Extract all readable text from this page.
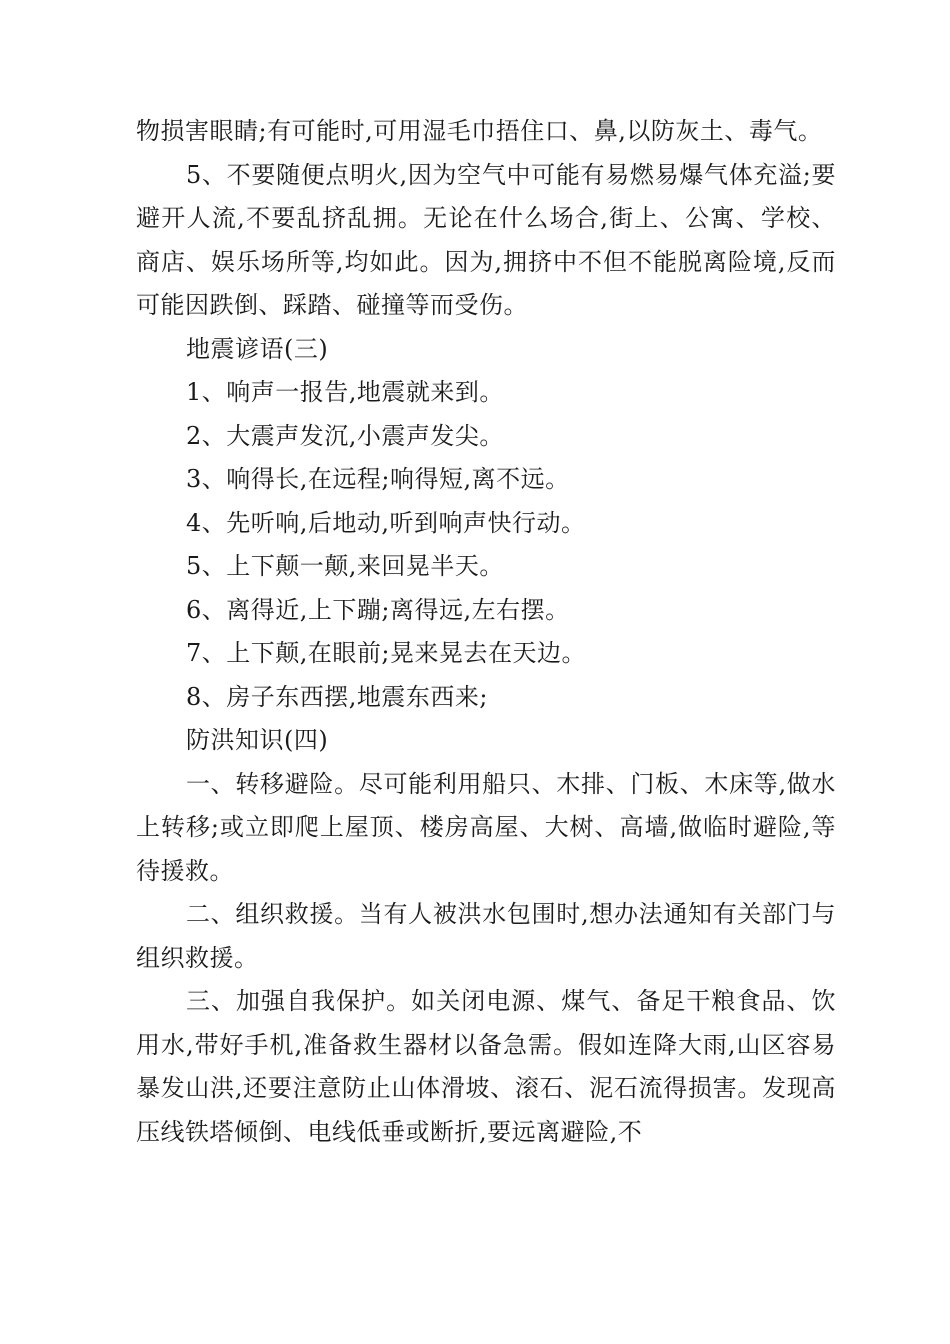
物损害眼睛;有可能时,可用湿毛巾捂住口、鼻,以防灰土、毒气。

5、不要随便点明火,因为空气中可能有易燃易爆气体充溢;要避开人流,不要乱挤乱拥。无论在什么场合,街上、公寓、学校、商店、娱乐场所等,均如此。因为,拥挤中不但不能脱离险境,反而可能因跌倒、踩踏、碰撞等而受伤。

地震谚语(三)

1、响声一报告,地震就来到。

2、大震声发沉,小震声发尖。

3、响得长,在远程;响得短,离不远。

4、先听响,后地动,听到响声快行动。

5、上下颠一颠,来回晃半天。

6、离得近,上下蹦;离得远,左右摆。

7、上下颠,在眼前;晃来晃去在天边。

8、房子东西摆,地震东西来;

防洪知识(四)

一、转移避险。尽可能利用船只、木排、门板、木床等,做水上转移;或立即爬上屋顶、楼房高屋、大树、高墙,做临时避险,等待援救。

二、组织救援。当有人被洪水包围时,想办法通知有关部门与组织救援。

三、加强自我保护。如关闭电源、煤气、备足干粮食品、饮用水,带好手机,准备救生器材以备急需。假如连降大雨,山区容易暴发山洪,还要注意防止山体滑坡、滚石、泥石流得损害。发现高压线铁塔倾倒、电线低垂或断折,要远离避险,不
